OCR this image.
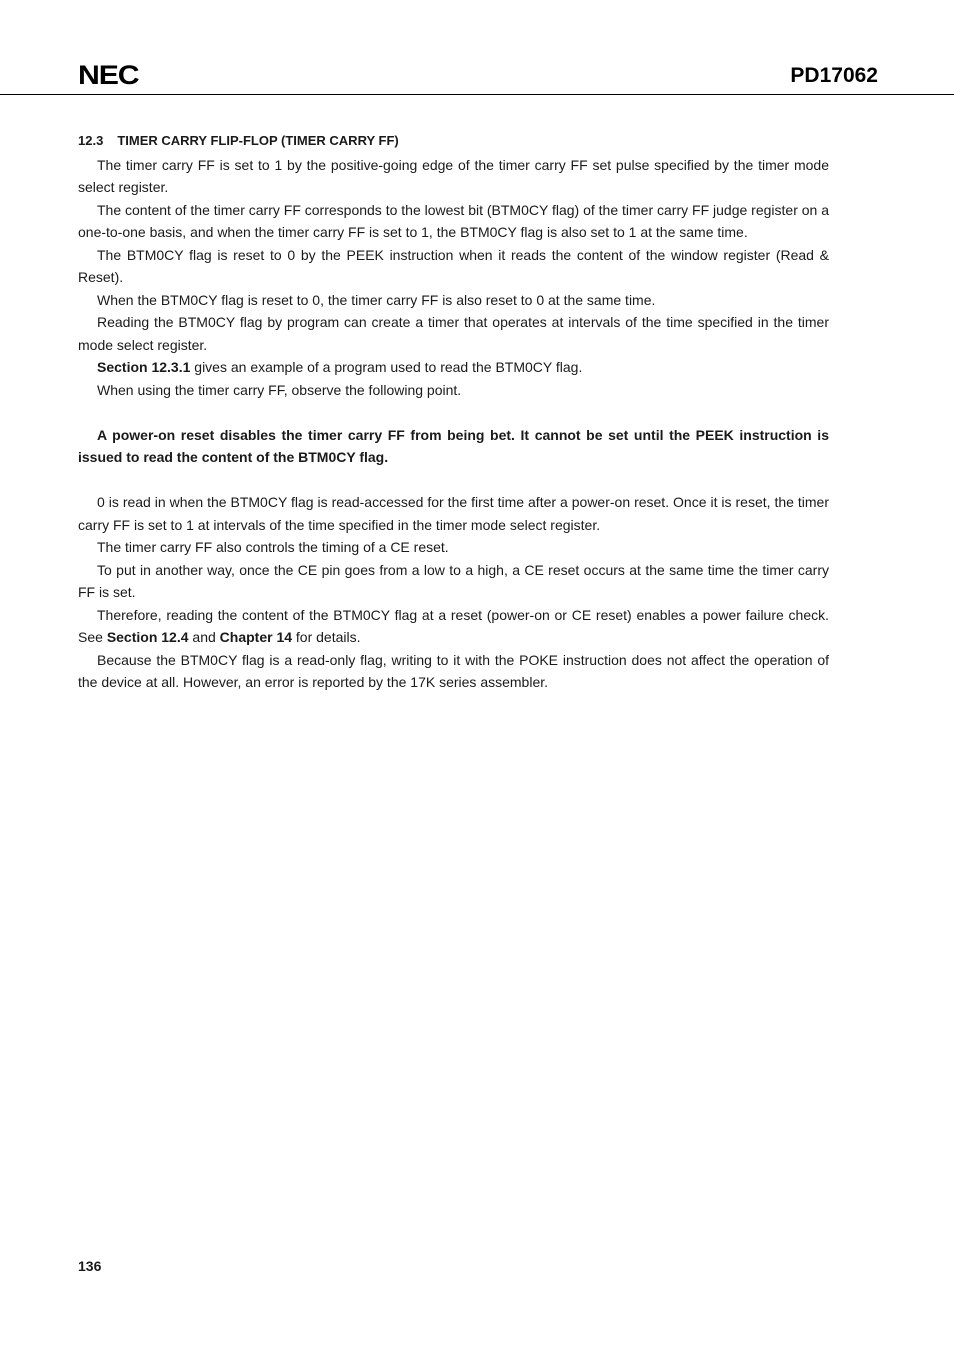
NEC	PD17062
12.3 TIMER CARRY FLIP-FLOP (TIMER CARRY FF)

The timer carry FF is set to 1 by the positive-going edge of the timer carry FF set pulse specified by the timer mode select register.

The content of the timer carry FF corresponds to the lowest bit (BTM0CY flag) of the timer carry FF judge register on a one-to-one basis, and when the timer carry FF is set to 1, the BTM0CY flag is also set to 1 at the same time.

The BTM0CY flag is reset to 0 by the PEEK instruction when it reads the content of the window register (Read & Reset).

When the BTM0CY flag is reset to 0, the timer carry FF is also reset to 0 at the same time.

Reading the BTM0CY flag by program can create a timer that operates at intervals of the time specified in the timer mode select register.

Section 12.3.1 gives an example of a program used to read the BTM0CY flag.

When using the timer carry FF, observe the following point.

A power-on reset disables the timer carry FF from being bet. It cannot be set until the PEEK instruction is issued to read the content of the BTM0CY flag.

0 is read in when the BTM0CY flag is read-accessed for the first time after a power-on reset. Once it is reset, the timer carry FF is set to 1 at intervals of the time specified in the timer mode select register.

The timer carry FF also controls the timing of a CE reset.

To put in another way, once the CE pin goes from a low to a high, a CE reset occurs at the same time the timer carry FF is set.

Therefore, reading the content of the BTM0CY flag at a reset (power-on or CE reset) enables a power failure check. See Section 12.4 and Chapter 14 for details.

Because the BTM0CY flag is a read-only flag, writing to it with the POKE instruction does not affect the operation of the device at all. However, an error is reported by the 17K series assembler.

136
